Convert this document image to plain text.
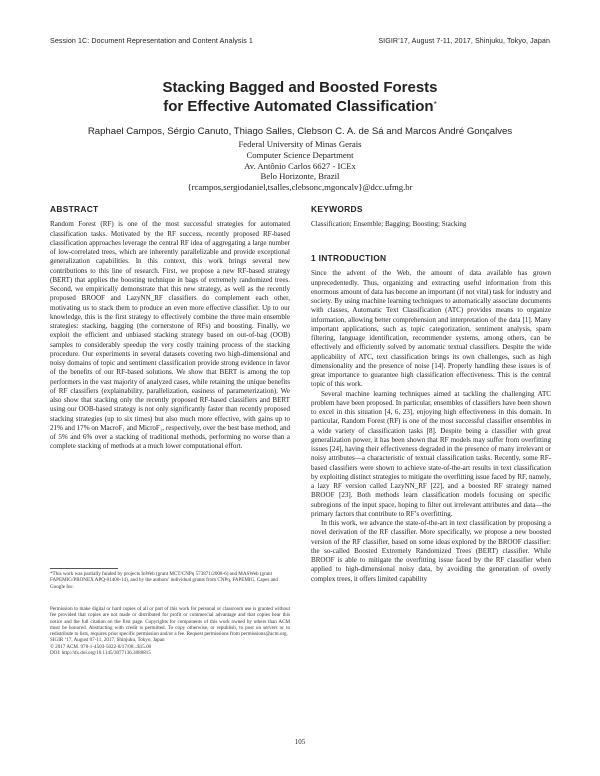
Session 1C: Document Representation and Content Analysis 1	SIGIR’17, August 7-11, 2017, Shinjuku, Tokyo, Japan
Stacking Bagged and Boosted Forests
for Effective Automated Classification*
Raphael Campos, Sérgio Canuto, Thiago Salles, Clebson C. A. de Sá and Marcos André Gonçalves
Federal University of Minas Gerais
Computer Science Department
Av. Antônio Carlos 6627 - ICEx
Belo Horizonte, Brazil
{rcampos,sergiodaniel,tsalles,clebsonc,mgoncalv}@dcc.ufmg.br
ABSTRACT

Random Forest (RF) is one of the most successful strategies for automated classification tasks. Motivated by the RF success, recently proposed RF-based classification approaches leverage the central RF idea of aggregating a large number of low-correlated trees, which are inherently parallelizable and provide exceptional generalization capabilities. In this context, this work brings several new contributions to this line of research. First, we propose a new RF-based strategy (BERT) that applies the boosting technique in bags of extremely randomized trees. Second, we empirically demonstrate that this new strategy, as well as the recently proposed BROOF and LazyNN_RF classifiers do complement each other, motivating us to stack them to produce an even more effective classifier. Up to our knowledge, this is the first strategy to effectively combine the three main ensemble strategies: stacking, bagging (the cornerstone of RFs) and boosting. Finally, we exploit the efficient and unbiased stacking strategy based on out-of-bag (OOB) samples to considerably speedup the very costly training process of the stacking procedure. Our experiments in several datasets covering two high-dimensional and noisy domains of topic and sentiment classification provide strong evidence in favor of the benefits of our RF-based solutions. We show that BERT is among the top performers in the vast majority of analyzed cases, while retaining the unique benefits of RF classifiers (explainability, parallelization, easiness of parameterization). We also show that stacking only the recently proposed RF-based classifiers and BERT using our OOB-based strategy is not only significantly faster than recently proposed stacking strategies (up to six times) but also much more effective, with gains up to 21% and 17% on MacroF₁ and MicroF₁, respectively, over the best base method, and of 5% and 6% over a stacking of traditional methods, performing no worse than a complete stacking of methods at a much lower computational effort.

*This work was partially funded by projects InWeb (grant MCT/CNPq 573871/2008-6) and MASWeb (grant FAPEMIG/PRONEX APQ-01400-14), and by the authors’ individual grants from CNPq, FAPEMIG, Capes and Google Inc.
Permission to make digital or hard copies of all or part of this work for personal or classroom use is granted without fee provided that copies are not made or distributed for profit or commercial advantage and that copies bear this notice and the full citation on the first page. Copyrights for components of this work owned by others than ACM must be honored. Abstracting with credit is permitted. To copy otherwise, or republish, to post on servers or to redistribute to lists, requires prior specific permission and/or a fee. Request permissions from permissions@acm.org.
SIGIR ’17, August 07-11, 2017, Shinjuku, Tokyo, Japan
© 2017 ACM. 978-1-4503-5022-8/17/08...$15.00
DOI: http://dx.doi.org/10.1145/3077136.3080815
KEYWORDS

Classification; Ensemble; Bagging; Boosting; Stacking

1 INTRODUCTION

Since the advent of the Web, the amount of data available has grown unprecedentedly. Thus, organizing and extracting useful information from this enormous amount of data has become an important (if not vital) task for industry and society. By using machine learning techniques to automatically associate documents with classes, Automatic Text Classification (ATC) provides means to organize information, allowing better comprehension and interpretation of the data [1]. Many important applications, such as topic categorization, sentiment analysis, spam filtering, language identification, recommender systems, among others, can be effectively and efficiently solved by automatic textual classifiers. Despite the wide applicability of ATC, text classification brings its own challenges, such as high dimensionality and the presence of noise [14]. Properly handling these issues is of great importance to guarantee high classification effectiveness. This is the central topic of this work.

Several machine learning techniques aimed at tackling the challenging ATC problem have been proposed. In particular, ensembles of classifiers have been shown to excel in this situation [4, 6, 23], enjoying high effectiveness in this domain. In particular, Random Forest (RF) is one of the most successful classifier ensembles in a wide variety of classification tasks [8]. Despite being a classifier with great generalization power, it has been shown that RF models may suffer from overfitting issues [24], having their effectiveness degraded in the presence of many irrelevant or noisy attributes—a characteristic of textual classification tasks. Recently, some RF-based classifiers were shown to achieve state-of-the-art results in text classification by exploiting distinct strategies to mitigate the overfitting issue faced by RF, namely, a lazy RF version called LazyNN_RF [22], and a boosted RF strategy named BROOF [23]. Both methods learn classification models focusing on specific subregions of the input space, hoping to filter out irrelevant attributes and data—the primary factors that contribute to RF’s overfitting.

In this work, we advance the state-of-the-art in text classification by proposing a novel derivation of the RF classifier. More specifically, we propose a new boosted version of the RF classifier, based on some ideas explored by the BROOF classifier: the so-called Boosted Extremely Randomized Trees (BERT) classifier. While BROOF is able to mitigate the overfitting issue faced by the RF classifier when applied to high-dimensional noisy data, by avoiding the generation of overly complex trees, it offers limited capability

105
